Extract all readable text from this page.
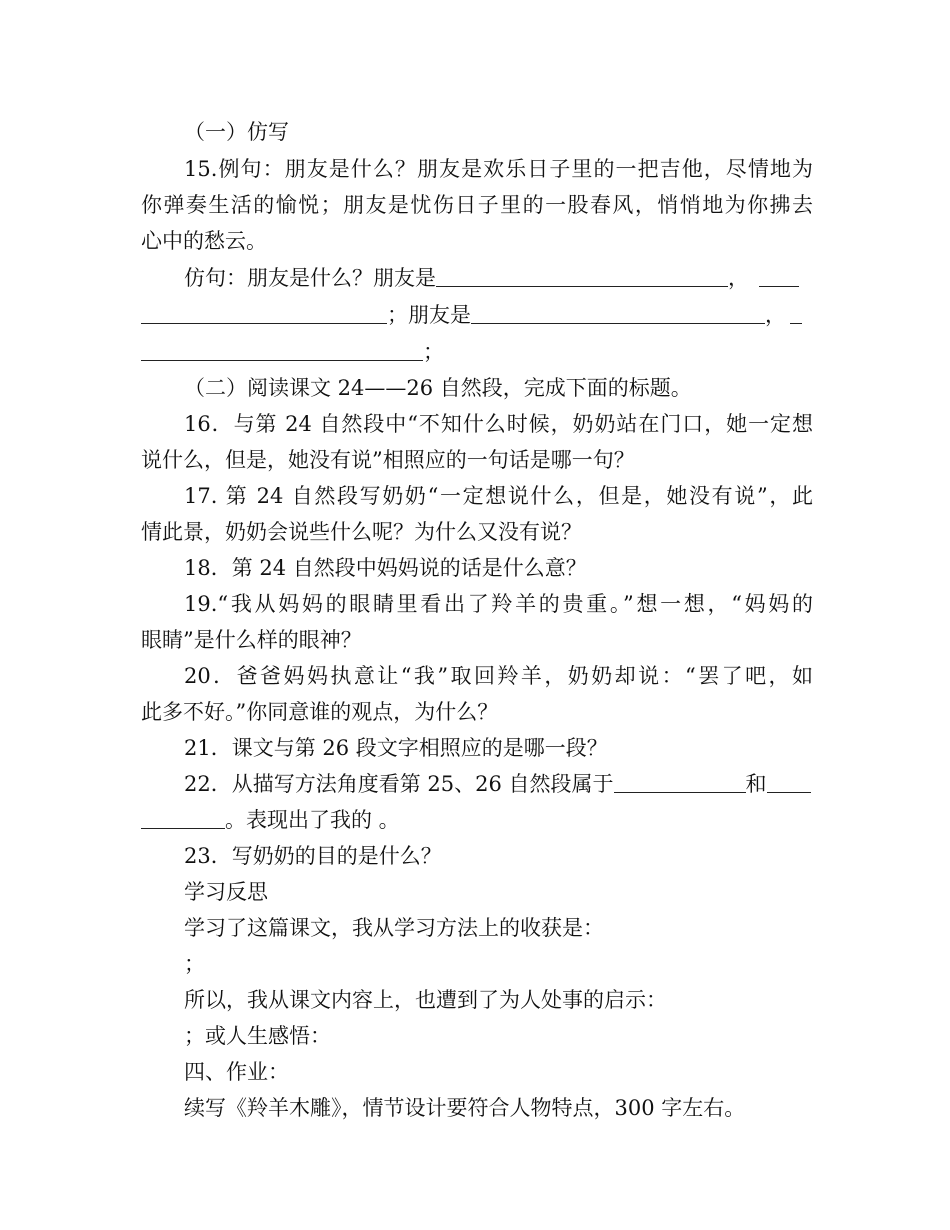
（一）仿写
15.例句：朋友是什么？朋友是欢乐日子里的一把吉他，尽情地为
你弹奏生活的愉悦；朋友是忧伤日子里的一股春风，悄悄地为你拂去
心中的愁云。
仿句：朋友是什么？朋友是	，
；朋友是	，
；
（二）阅读课文 24——26 自然段，完成下面的标题。
16．与第 24 自然段中“不知什么时候，奶奶站在门口，她一定想
说什么，但是，她没有说”相照应的一句话是哪一句？
17. 第 24 自然段写奶奶“一定想说什么，但是，她没有说”，此
情此景，奶奶会说些什么呢？为什么又没有说？
18．第 24 自然段中妈妈说的话是什么意？
19.“我从妈妈的眼睛里看出了羚羊的贵重。”想一想，“妈妈的
眼睛”是什么样的眼神？
20．爸爸妈妈执意让“我”取回羚羊，奶奶却说：“罢了吧，如
此多不好。”你同意谁的观点，为什么？
21．课文与第 26 段文字相照应的是哪一段？
22．从描写方法角度看第 25、26 自然段属于	和
。表现出了我的 。
23．写奶奶的目的是什么？
学习反思
学习了这篇课文，我从学习方法上的收获是：
；
所以，我从课文内容上，也遭到了为人处事的启示：
；或人生感悟：
四、作业：
续写《羚羊木雕》，情节设计要符合人物特点，300 字左右。
